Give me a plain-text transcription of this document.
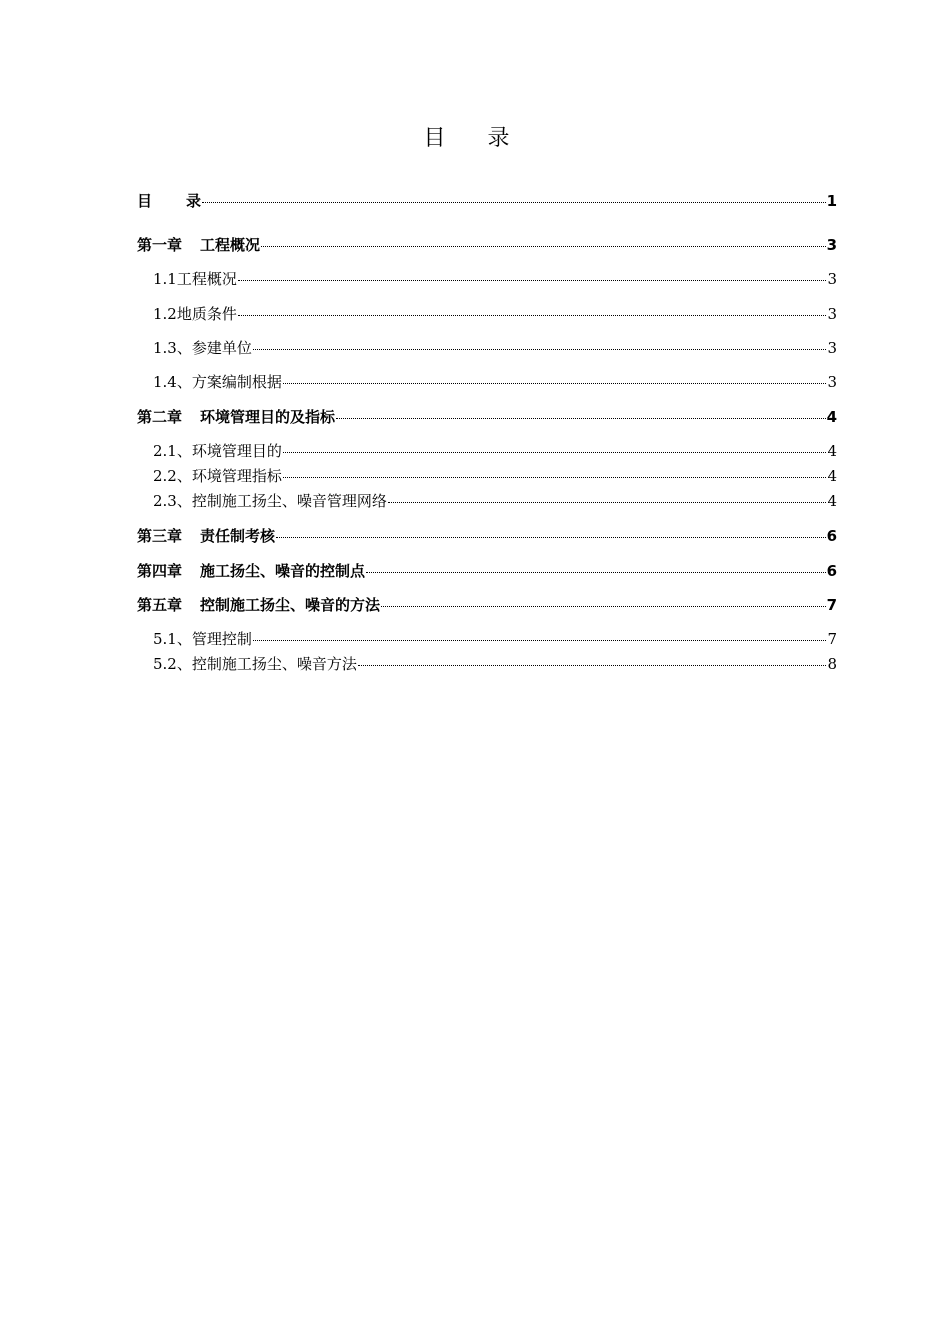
目录
目 录	1
第一章 工程概况	3
1.1工程概况	3
1.2地质条件	3
1.3、参建单位	3
1.4、方案编制根据	3
第二章 环境管理目的及指标	4
2.1、环境管理目的	4
2.2、环境管理指标	4
2.3、控制施工扬尘、噪音管理网络	4
第三章 责任制考核	6
第四章 施工扬尘、噪音的控制点	6
第五章 控制施工扬尘、噪音的方法	7
5.1、管理控制	7
5.2、控制施工扬尘、噪音方法	8
